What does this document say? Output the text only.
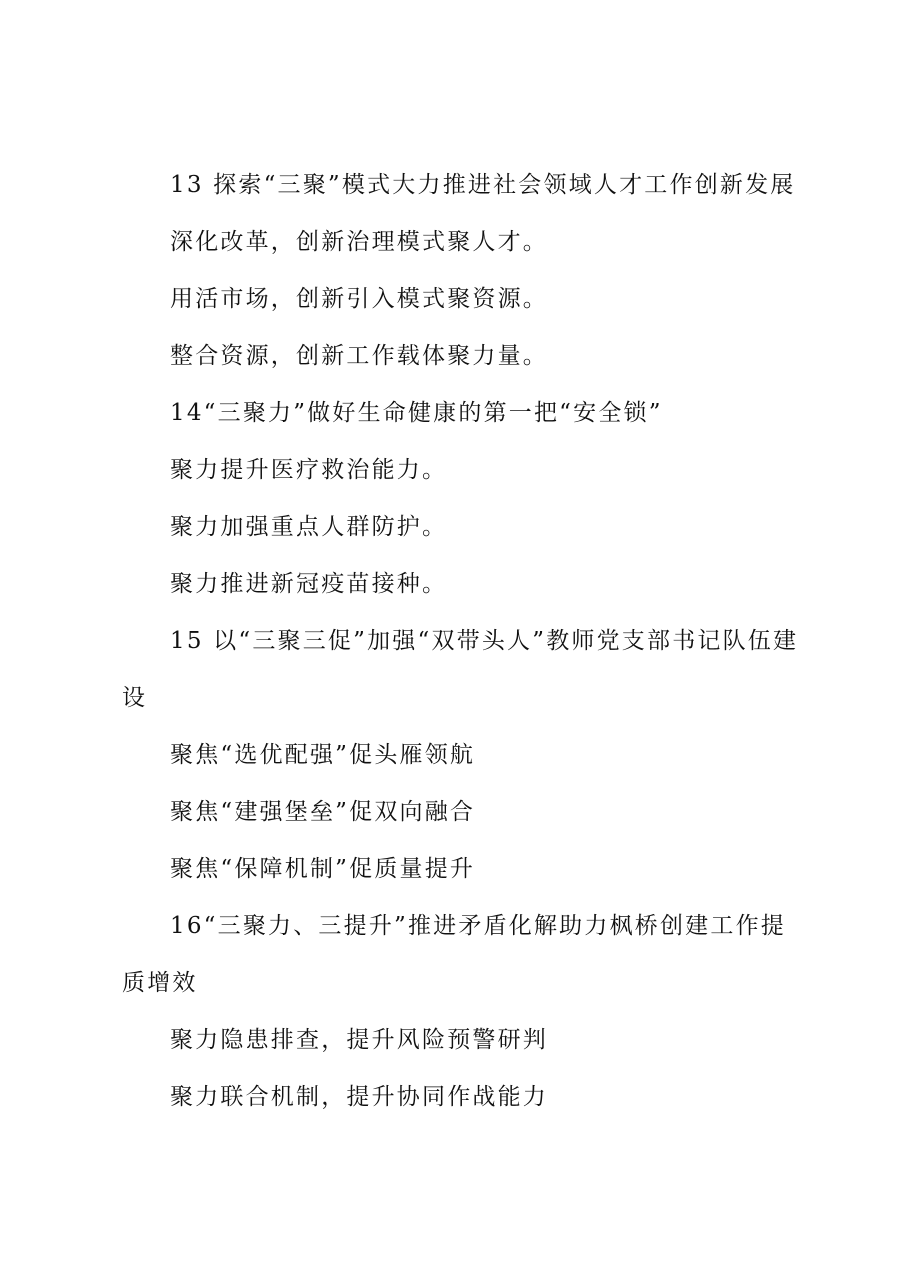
13 探索“三聚”模式大力推进社会领域人才工作创新发展

深化改革，创新治理模式聚人才。

用活市场，创新引入模式聚资源。

整合资源，创新工作载体聚力量。

14“三聚力”做好生命健康的第一把“安全锁”

聚力提升医疗救治能力。

聚力加强重点人群防护。

聚力推进新冠疫苗接种。

15 以“三聚三促”加强“双带头人”教师党支部书记队伍建设

聚焦“选优配强”促头雁领航

聚焦“建强堡垒”促双向融合

聚焦“保障机制”促质量提升

16“三聚力、三提升”推进矛盾化解助力枫桥创建工作提质增效

聚力隐患排查，提升风险预警研判

聚力联合机制，提升协同作战能力
